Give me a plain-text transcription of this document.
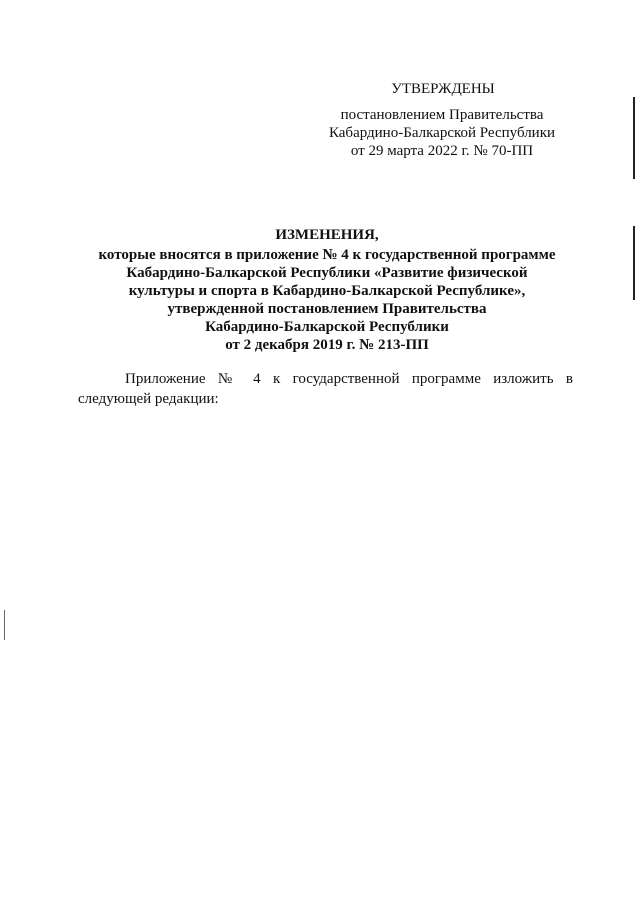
УТВЕРЖДЕНЫ
постановлением Правительства
Кабардино-Балкарской Республики
от 29 марта 2022 г. № 70-ПП
ИЗМЕНЕНИЯ,
которые вносятся в приложение № 4 к государственной программе
Кабардино-Балкарской Республики «Развитие физической
культуры и спорта в Кабардино-Балкарской Республике»,
утвержденной постановлением Правительства
Кабардино-Балкарской Республики
от 2 декабря 2019 г. № 213-ПП
Приложение № 4 к государственной программе изложить в следующей редакции:
